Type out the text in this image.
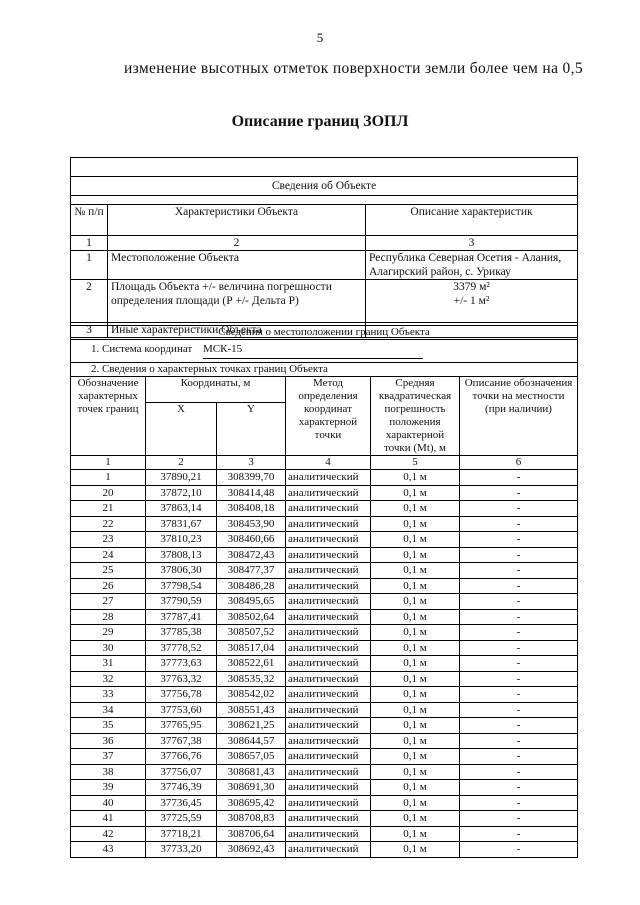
5
изменение высотных отметок поверхности земли более чем на 0,5
Описание границ ЗОПЛ

Сведения об Объекте		

№ п/п	Характеристики Объекта	Описание характеристик
1	2	3
1	Местоположение Объекта	Республика Северная Осетия - Алания, Алагирский район, с. Урикау
2	Площадь Объекта +/- величина погрешности определения площади (Р +/- Дельта Р)	3379 м²
+/- 1 м²

3	Иные характеристики Объекта	
Сведения о местоположении границ Объекта					
1. Система координат МСК-15					
2. Сведения о характерных точках границ Объекта					
Обозначение характерных точек границ	Координаты, м		Метод определения координат характерной точки	Средняя квадратическая погрешность положения характерной точки (Mt), м	Описание обозначения точки на местности (при наличии)
	X	Y			
1	2	3	4	5	6
1	37890,21	308399,70	аналитический	0,1 м	-
20	37872,10	308414,48	аналитический	0,1 м	-
21	37863,14	308408,18	аналитический	0,1 м	-
22	37831,67	308453,90	аналитический	0,1 м	-
23	37810,23	308460,66	аналитический	0,1 м	-
24	37808,13	308472,43	аналитический	0,1 м	-
25	37806,30	308477,37	аналитический	0,1 м	-
26	37798,54	308486,28	аналитический	0,1 м	-
27	37790,59	308495,65	аналитический	0,1 м	-
28	37787,41	308502,64	аналитический	0,1 м	-
29	37785,38	308507,52	аналитический	0,1 м	-
30	37778,52	308517,04	аналитический	0,1 м	-
31	37773,63	308522,61	аналитический	0,1 м	-
32	37763,32	308535,32	аналитический	0,1 м	-
33	37756,78	308542,02	аналитический	0,1 м	-
34	37753,60	308551,43	аналитический	0,1 м	-
35	37765,95	308621,25	аналитический	0,1 м	-
36	37767,38	308644,57	аналитический	0,1 м	-
37	37766,76	308657,05	аналитический	0,1 м	-
38	37756,07	308681,43	аналитический	0,1 м	-
39	37746,39	308691,30	аналитический	0,1 м	-
40	37736,45	308695,42	аналитический	0,1 м	-
41	37725,59	308708,83	аналитический	0,1 м	-
42	37718,21	308706,64	аналитический	0,1 м	-
43	37733,20	308692,43	аналитический	0,1 м	-
